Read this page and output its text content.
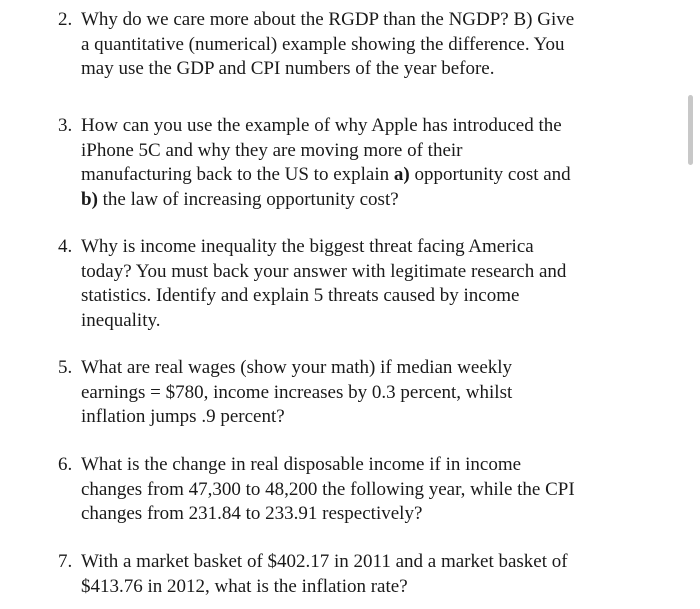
2. Why do we care more about the RGDP than the NGDP? B) Give
a quantitative (numerical) example showing the difference. You
may use the GDP and CPI numbers of the year before.
3. How can you use the example of why Apple has introduced the
iPhone 5C and why they are moving more of their
manufacturing back to the US to explain a) opportunity cost and
b) the law of increasing opportunity cost?
4. Why is income inequality the biggest threat facing America
today? You must back your answer with legitimate research and
statistics. Identify and explain 5 threats caused by income
inequality.
5. What are real wages (show your math) if median weekly
earnings = $780, income increases by 0.3 percent, whilst
inflation jumps .9 percent?
6. What is the change in real disposable income if in income
changes from 47,300 to 48,200 the following year, while the CPI
changes from 231.84 to 233.91 respectively?
7. With a market basket of $402.17 in 2011 and a market basket of
$413.76 in 2012, what is the inflation rate?
